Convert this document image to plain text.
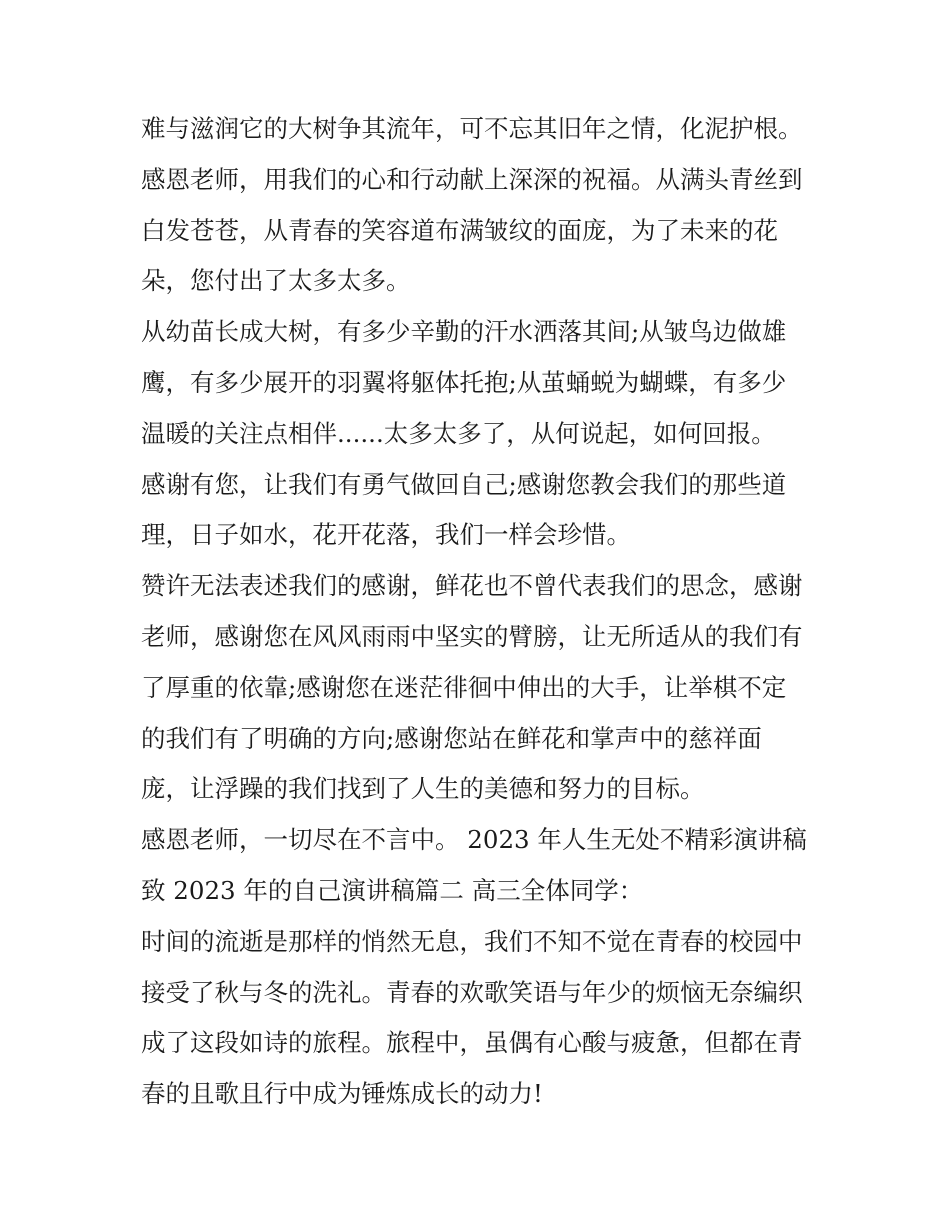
难与滋润它的大树争其流年，可不忘其旧年之情，化泥护根。
感恩老师，用我们的心和行动献上深深的祝福。从满头青丝到
白发苍苍，从青春的笑容道布满皱纹的面庞，为了未来的花
朵，您付出了太多太多。
从幼苗长成大树，有多少辛勤的汗水洒落其间;从皱鸟边做雄
鹰，有多少展开的羽翼将躯体托抱;从茧蛹蜕为蝴蝶，有多少
温暖的关注点相伴......太多太多了，从何说起，如何回报。
感谢有您，让我们有勇气做回自己;感谢您教会我们的那些道
理，日子如水，花开花落，我们一样会珍惜。
赞许无法表述我们的感谢，鲜花也不曾代表我们的思念，感谢
老师，感谢您在风风雨雨中坚实的臂膀，让无所适从的我们有
了厚重的依靠;感谢您在迷茫徘徊中伸出的大手，让举棋不定
的我们有了明确的方向;感谢您站在鲜花和掌声中的慈祥面
庞，让浮躁的我们找到了人生的美德和努力的目标。
感恩老师，一切尽在不言中。 2023 年人生无处不精彩演讲稿
致 2023 年的自己演讲稿篇二 高三全体同学：
时间的流逝是那样的悄然无息，我们不知不觉在青春的校园中
接受了秋与冬的洗礼。青春的欢歌笑语与年少的烦恼无奈编织
成了这段如诗的旅程。旅程中，虽偶有心酸与疲惫，但都在青
春的且歌且行中成为锤炼成长的动力!
